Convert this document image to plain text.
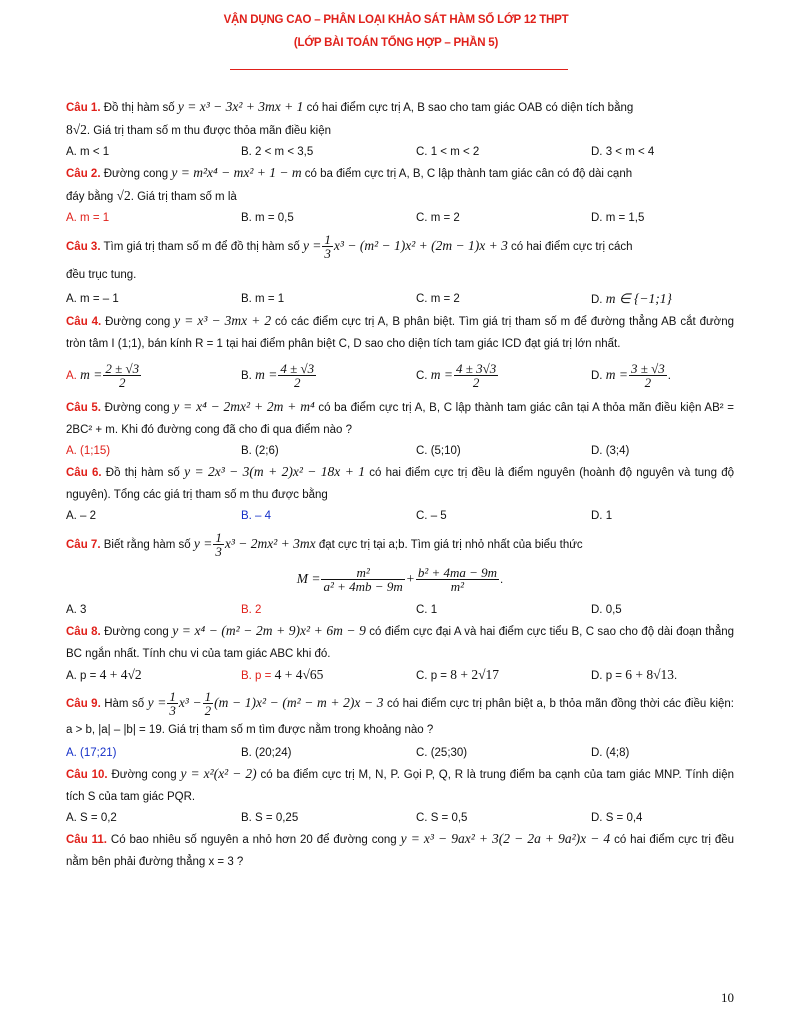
VẬN DỤNG CAO – PHÂN LOẠI KHẢO SÁT HÀM SỐ LỚP 12 THPT
(LỚP BÀI TOÁN TỔNG HỢP – PHẦN 5)

Câu 1. Đồ thị hàm số y = x³ − 3x² + 3mx + 1 có hai điểm cực trị A, B sao cho tam giác OAB có diện tích bằng
8√2. Giá trị tham số m thu được thỏa mãn điều kiện

A. m < 1	B. 2 < m < 3,5	C. 1 < m < 2	D. 3 < m < 4

Câu 2. Đường cong y = m²x⁴ − mx² + 1 − m có ba điểm cực trị A, B, C lập thành tam giác cân có độ dài cạnh
đáy bằng √2. Giá trị tham số m là

A. m = 1	B. m = 0,5	C. m = 2	D. m = 1,5

Câu 3. Tìm giá trị tham số m để đồ thị hàm số $y = \frac{1}{3} x^3 - (m^2 - 1)x^2 + (2m - 1)x + 3$ có hai điểm cực trị cách
đều trục tung.

A. m = – 1	B. m = 1	C. m = 2	D. m ∈ {−1;1}

Câu 4. Đường cong y = x³ − 3mx + 2 có các điểm cực trị A, B phân biệt. Tìm giá trị tham số m để đường thẳng AB cắt đường tròn tâm I (1;1), bán kính R = 1 tại hai điểm phân biệt C, D sao cho diện tích tam giác ICD đạt giá trị lớn nhất.

A. $m = \frac{2 \pm √3}{2}$	B. $m = \frac{4 \pm √3}{2}$	C. $m = \frac{4 \pm 3√3}{2}$	D. $m = \frac{3 \pm √3}{2}$ .

Câu 5. Đường cong y = x⁴ − 2mx² + 2m + m⁴ có ba điểm cực trị A, B, C lập thành tam giác cân tại A thỏa mãn điều kiện AB² = 2BC² + m. Khi đó đường cong đã cho đi qua điểm nào ?

A. (1;15)	B. (2;6)	C. (5;10)	D. (3;4)

Câu 6. Đồ thị hàm số y = 2x³ − 3(m + 2)x² − 18x + 1 có hai điểm cực trị đều là điểm nguyên (hoành độ nguyên và tung độ nguyên). Tổng các giá trị tham số m thu được bằng

A. – 2	B. – 4	C. – 5	D. 1

Câu 7. Biết rằng hàm số $y = \frac{1}{3} x^3 - 2mx^2 + 3mx$ đạt cực trị tại a;b. Tìm giá trị nhỏ nhất của biểu thức

$M = \frac{\text{m²}}{\text{a² + 4mb − 9m}} + \frac{\text{b² + 4ma − 9m}}{\text{m²}}$ .
A. 3	B. 2	C. 1	D. 0,5

Câu 8. Đường cong y = x⁴ − (m² − 2m + 9)x² + 6m − 9 có điểm cực đại A và hai điểm cực tiểu B, C sao cho độ dài đoạn thẳng BC ngắn nhất. Tính chu vi của tam giác ABC khi đó.

A. p = 4 + 4√2	B. p = 4 + 4√65	C. p = 8 + 2√17	D. p = 6 + 8√13.

Câu 9. Hàm số $y = \frac{1}{3} x^3 - \frac{1}{2} (m - 1)x^2 - (m^2 - m + 2)x - 3$ có hai điểm cực trị phân biệt a, b thỏa mãn đồng thời các điều kiện: a > b, |a| – |b| = 19. Giá trị tham số m tìm được nằm trong khoảng nào ?

A. (17;21)	B. (20;24)	C. (25;30)	D. (4;8)

Câu 10. Đường cong y = x²(x² − 2) có ba điểm cực trị M, N, P. Gọi P, Q, R là trung điểm ba cạnh của tam giác MNP. Tính diện tích S của tam giác PQR.

A. S = 0,2	B. S = 0,25	C. S = 0,5	D. S = 0,4

Câu 11. Có bao nhiêu số nguyên a nhỏ hơn 20 để đường cong y = x³ − 9ax² + 3(2 − 2a + 9a²)x − 4 có hai điểm cực trị đều nằm bên phải đường thẳng x = 3 ?

10
